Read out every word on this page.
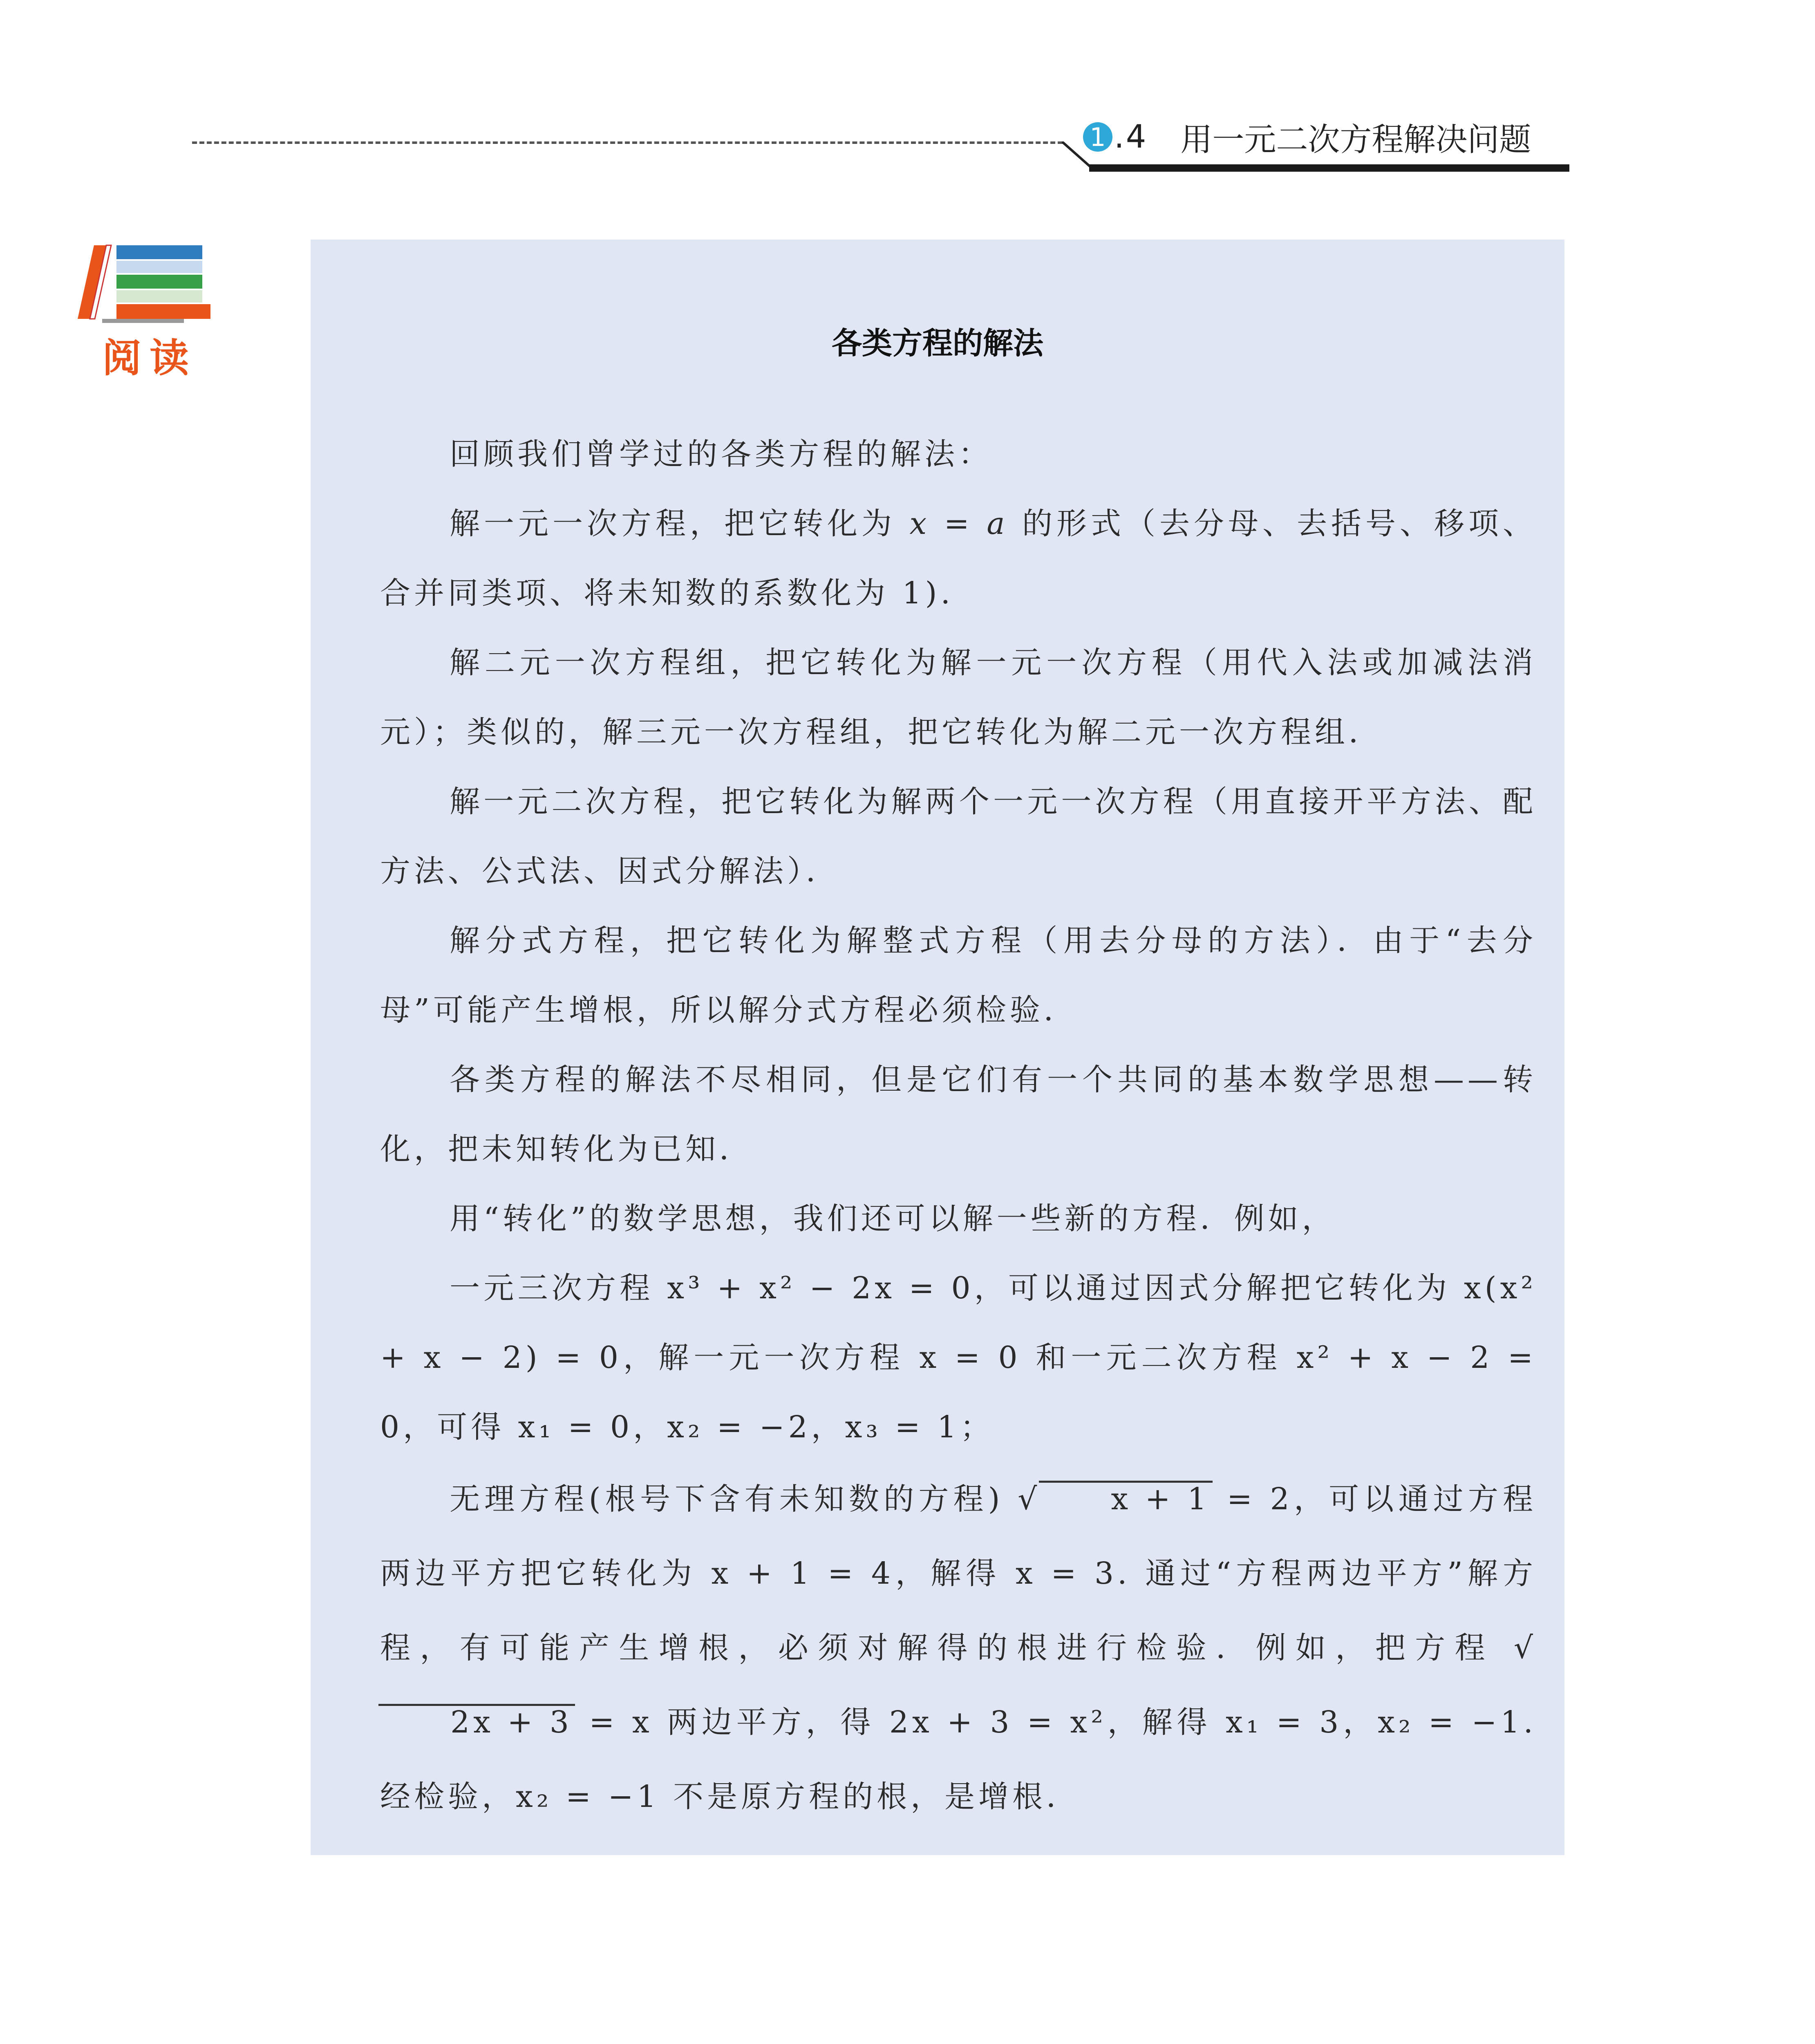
1 .4 用一元二次方程解决问题
阅读	各类方程的解法

回顾我们曾学过的各类方程的解法：

解一元一次方程，把它转化为 x = a 的形式（去分母、去括号、移项、合并同类项、将未知数的系数化为 1).

解二元一次方程组，把它转化为解一元一次方程（用代入法或加减法消元）；类似的，解三元一次方程组，把它转化为解二元一次方程组．

解一元二次方程，把它转化为解两个一元一次方程（用直接开平方法、配方法、公式法、因式分解法）．

解分式方程，把它转化为解整式方程（用去分母的方法）．由于“去分母”可能产生增根，所以解分式方程必须检验．

各类方程的解法不尽相同，但是它们有一个共同的基本数学思想——转化，把未知转化为已知．

用“转化”的数学思想，我们还可以解一些新的方程．例如，

一元三次方程 x³ + x² − 2x = 0，可以通过因式分解把它转化为 x(x² + x − 2) = 0，解一元一次方程 x = 0 和一元二次方程 x² + x − 2 = 0，可得 x₁ = 0，x₂ = −2，x₃ = 1；

无理方程(根号下含有未知数的方程) √ x + 1 = 2，可以通过方程两边平方把它转化为 x + 1 = 4，解得 x = 3. 通过“方程两边平方”解方程，有可能产生增根，必须对解得的根进行检验．例如，把方程 √2x + 3 = x 两边平方，得 2x + 3 = x²，解得 x₁ = 3，x₂ = −1. 经检验，x₂ = −1 不是原方程的根，是增根．
